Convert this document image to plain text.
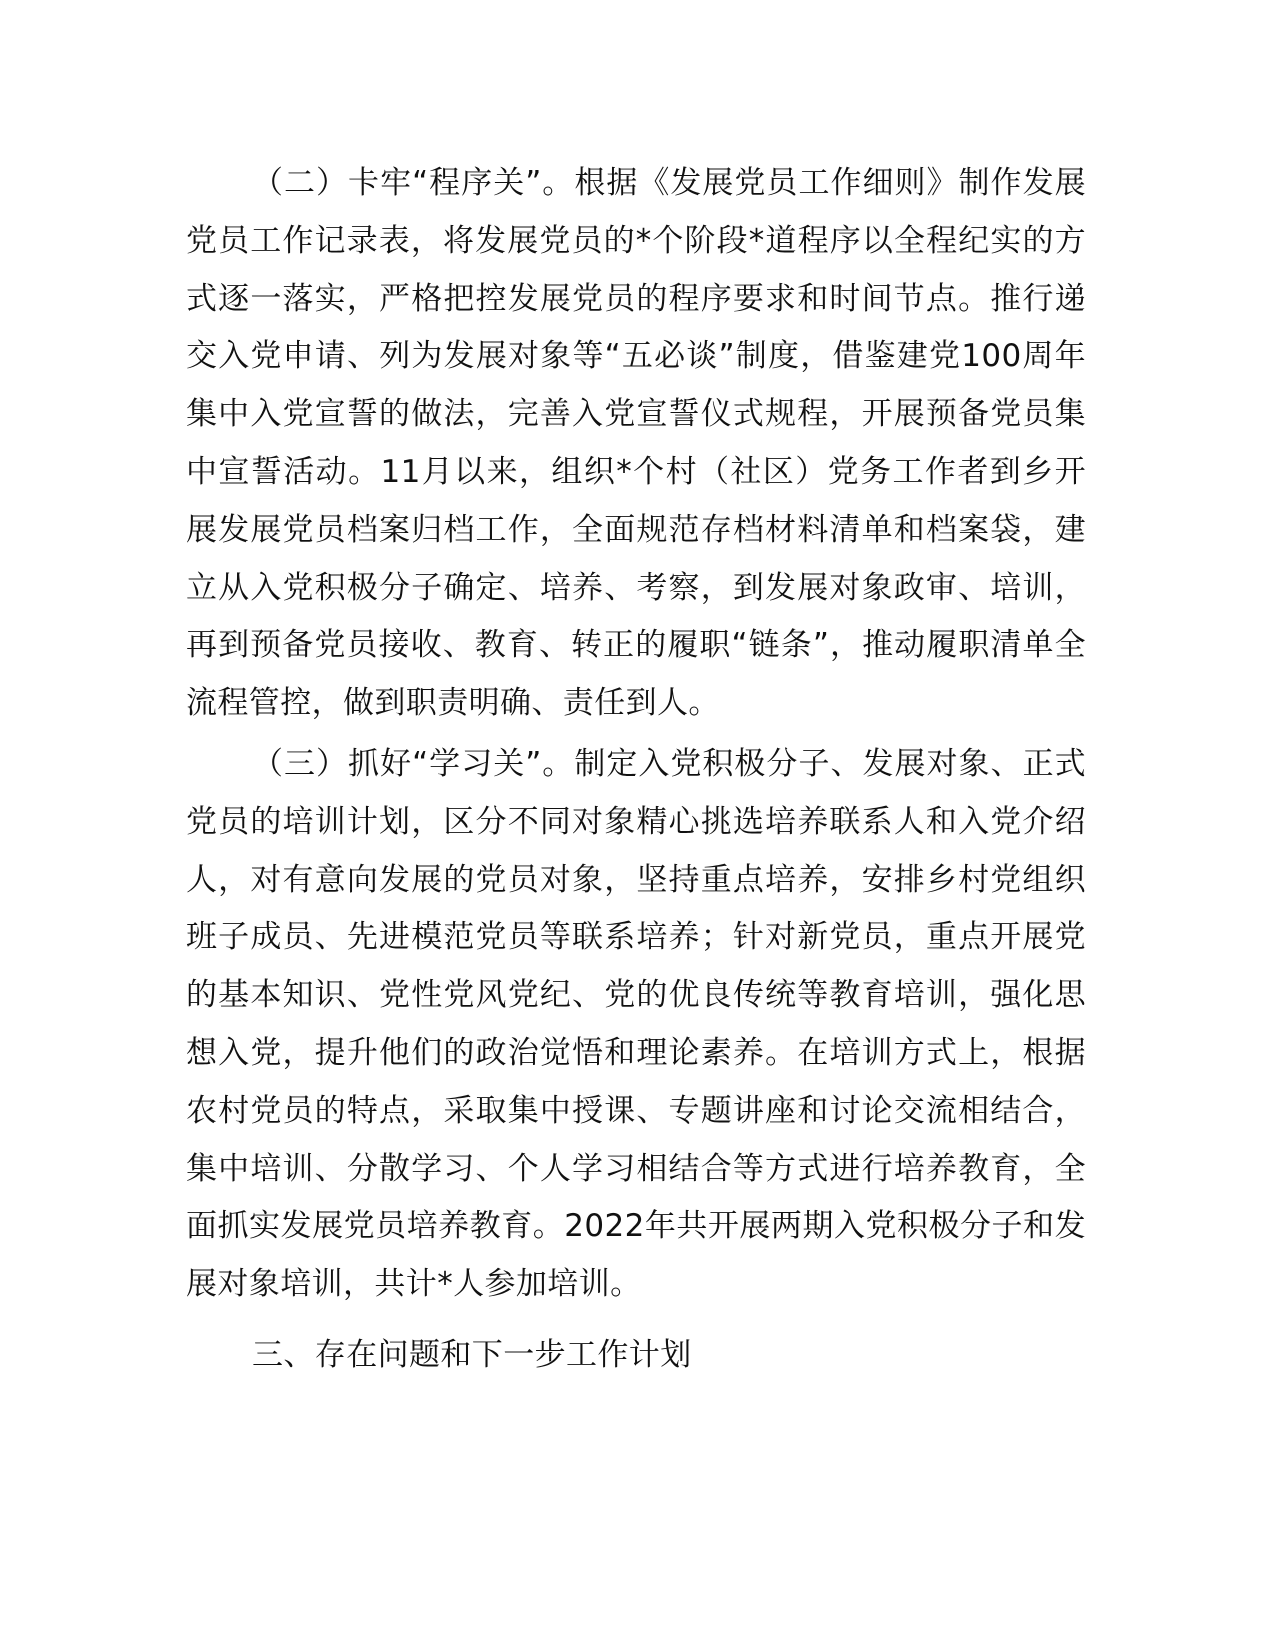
（二）卡牢“程序关”。根据《发展党员工作细则》制作发展党员工作记录表，将发展党员的*个阶段*道程序以全程纪实的方式逐一落实，严格把控发展党员的程序要求和时间节点。推行递交入党申请、列为发展对象等“五必谈”制度，借鉴建党100周年集中入党宣誓的做法，完善入党宣誓仪式规程，开展预备党员集中宣誓活动。11月以来，组织*个村（社区）党务工作者到乡开展发展党员档案归档工作，全面规范存档材料清单和档案袋，建立从入党积极分子确定、培养、考察，到发展对象政审、培训，再到预备党员接收、教育、转正的履职“链条”，推动履职清单全流程管控，做到职责明确、责任到人。

（三）抓好“学习关”。制定入党积极分子、发展对象、正式党员的培训计划，区分不同对象精心挑选培养联系人和入党介绍人，对有意向发展的党员对象，坚持重点培养，安排乡村党组织班子成员、先进模范党员等联系培养；针对新党员，重点开展党的基本知识、党性党风党纪、党的优良传统等教育培训，强化思想入党，提升他们的政治觉悟和理论素养。在培训方式上，根据农村党员的特点，采取集中授课、专题讲座和讨论交流相结合，集中培训、分散学习、个人学习相结合等方式进行培养教育，全面抓实发展党员培养教育。2022年共开展两期入党积极分子和发展对象培训，共计*人参加培训。

三、存在问题和下一步工作计划
